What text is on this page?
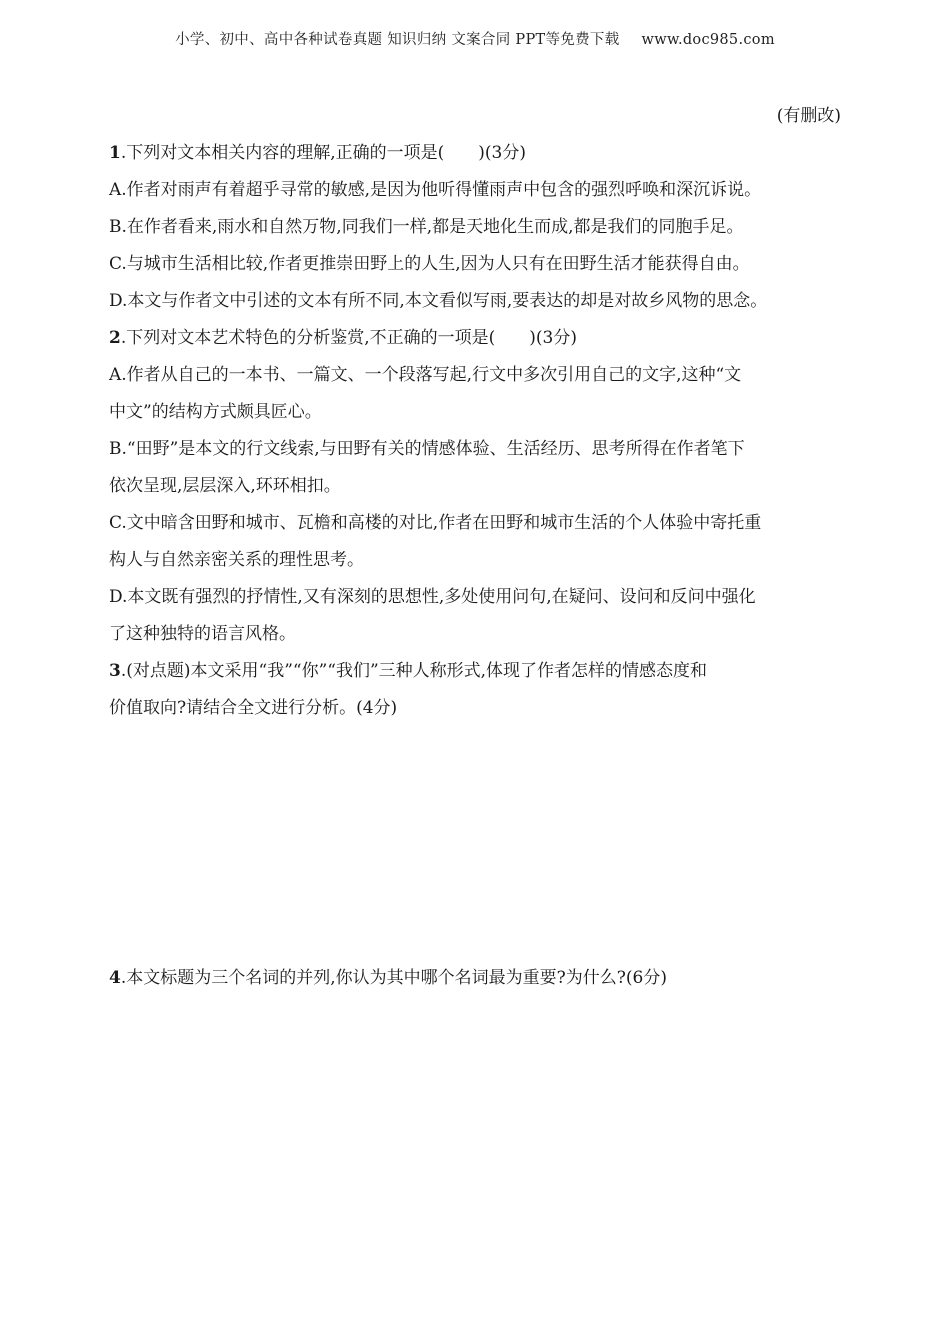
小学、初中、高中各种试卷真题 知识归纳 文案合同 PPT等免费下载 www.doc985.com
(有删改)

1.下列对文本相关内容的理解,正确的一项是(　　)(3分)

A.作者对雨声有着超乎寻常的敏感,是因为他听得懂雨声中包含的强烈呼唤和深沉诉说。

B.在作者看来,雨水和自然万物,同我们一样,都是天地化生而成,都是我们的同胞手足。

C.与城市生活相比较,作者更推崇田野上的人生,因为人只有在田野生活才能获得自由。

D.本文与作者文中引述的文本有所不同,本文看似写雨,要表达的却是对故乡风物的思念。

2.下列对文本艺术特色的分析鉴赏,不正确的一项是(　　)(3分)

A.作者从自己的一本书、一篇文、一个段落写起,行文中多次引用自己的文字,这种“文

中文”的结构方式颇具匠心。

B.“田野”是本文的行文线索,与田野有关的情感体验、生活经历、思考所得在作者笔下

依次呈现,层层深入,环环相扣。

C.文中暗含田野和城市、瓦檐和高楼的对比,作者在田野和城市生活的个人体验中寄托重

构人与自然亲密关系的理性思考。

D.本文既有强烈的抒情性,又有深刻的思想性,多处使用问句,在疑问、设问和反问中强化

了这种独特的语言风格。

3.(对点题)本文采用“我”“你”“我们”三种人称形式,体现了作者怎样的情感态度和

价值取向?请结合全文进行分析。(4分)

4.本文标题为三个名词的并列,你认为其中哪个名词最为重要?为什么?(6分)
